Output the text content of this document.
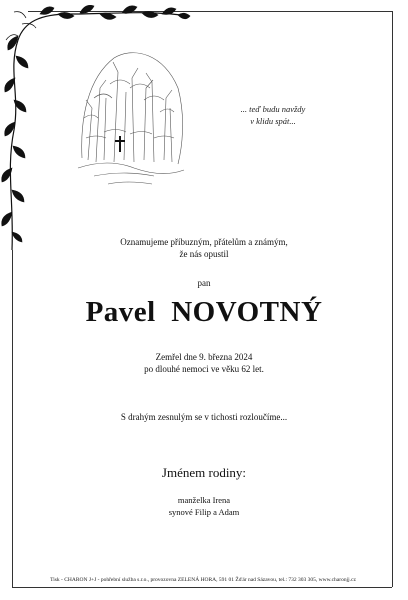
... teď budu navždy
v klidu spát...
Oznamujeme příbuzným, přátelům a známým,
že nás opustil
pan
Pavel  NOVOTNÝ
Zemřel dne 9. března 2024
po dlouhé nemoci ve věku 62 let.
S drahým zesnulým se v tichosti rozloučíme...
Jménem rodiny:
manželka Irena
synové Filip a Adam
Tisk - CHARON J+J - pohřební služba s.r.o., provozovna ZELENÁ HORA, 591 01 Žďár nad Sázavou, tel.: 732 303 305, www.charonjj.cz
